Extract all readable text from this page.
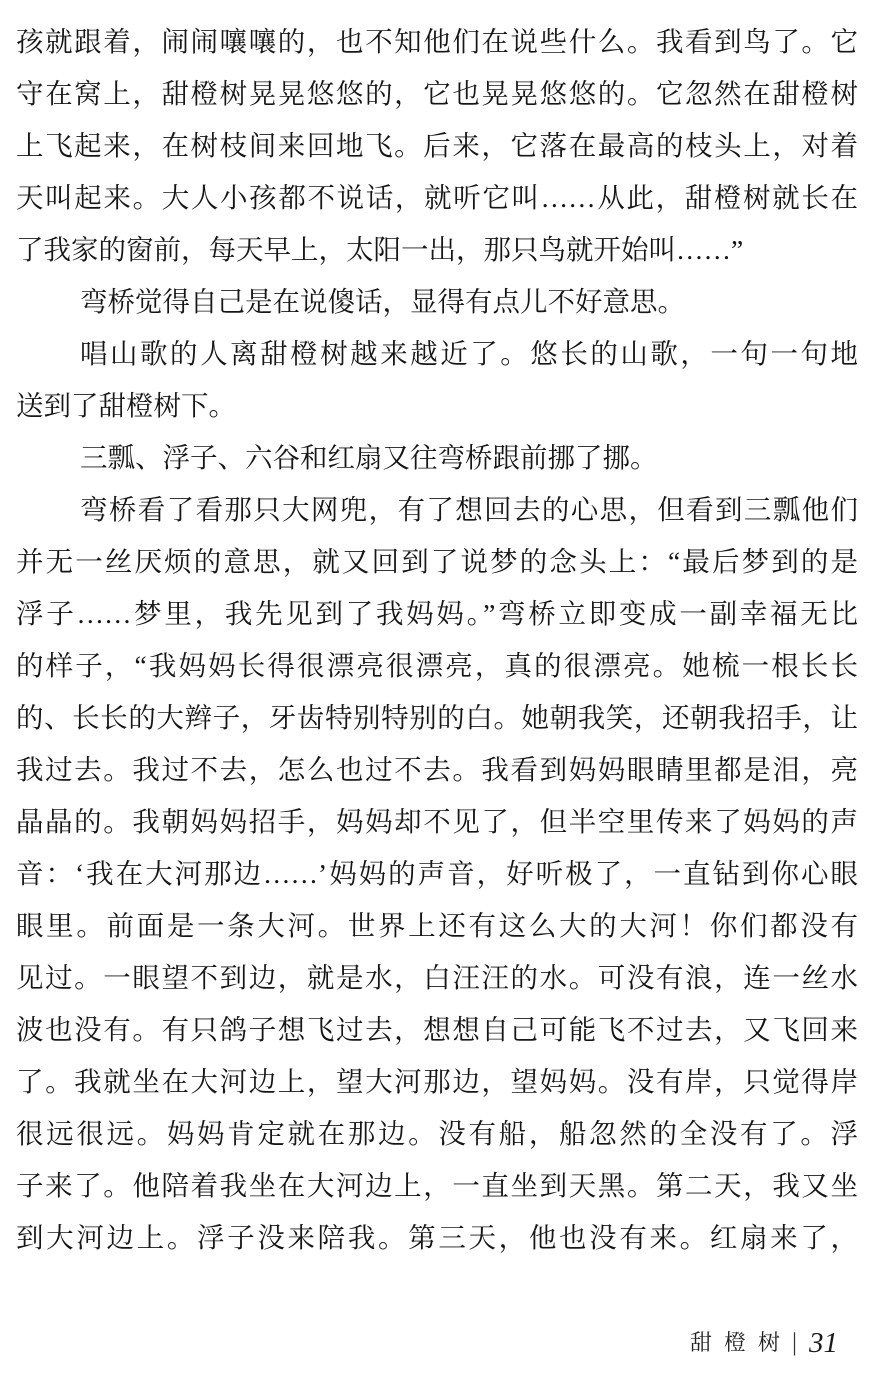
孩就跟着，闹闹嚷嚷的，也不知他们在说些什么。我看到鸟了。它
守在窝上，甜橙树晃晃悠悠的，它也晃晃悠悠的。它忽然在甜橙树
上飞起来，在树枝间来回地飞。后来，它落在最高的枝头上，对着
天叫起来。大人小孩都不说话，就听它叫……从此，甜橙树就长在
了我家的窗前，每天早上，太阳一出，那只鸟就开始叫……”
弯桥觉得自己是在说傻话，显得有点儿不好意思。
唱山歌的人离甜橙树越来越近了。悠长的山歌，一句一句地
送到了甜橙树下。
三瓢、浮子、六谷和红扇又往弯桥跟前挪了挪。
弯桥看了看那只大网兜，有了想回去的心思，但看到三瓢他们
并无一丝厌烦的意思，就又回到了说梦的念头上：“最后梦到的是
浮子……梦里，我先见到了我妈妈。”弯桥立即变成一副幸福无比
的样子，“我妈妈长得很漂亮很漂亮，真的很漂亮。她梳一根长长
的、长长的大辫子，牙齿特别特别的白。她朝我笑，还朝我招手，让
我过去。我过不去，怎么也过不去。我看到妈妈眼睛里都是泪，亮
晶晶的。我朝妈妈招手，妈妈却不见了，但半空里传来了妈妈的声
音：‘我在大河那边……’妈妈的声音，好听极了，一直钻到你心眼
眼里。前面是一条大河。世界上还有这么大的大河！你们都没有
见过。一眼望不到边，就是水，白汪汪的水。可没有浪，连一丝水
波也没有。有只鸽子想飞过去，想想自己可能飞不过去，又飞回来
了。我就坐在大河边上，望大河那边，望妈妈。没有岸，只觉得岸
很远很远。妈妈肯定就在那边。没有船，船忽然的全没有了。浮
子来了。他陪着我坐在大河边上，一直坐到天黑。第二天，我又坐
到大河边上。浮子没来陪我。第三天，他也没有来。红扇来了，
甜橙树| 31
